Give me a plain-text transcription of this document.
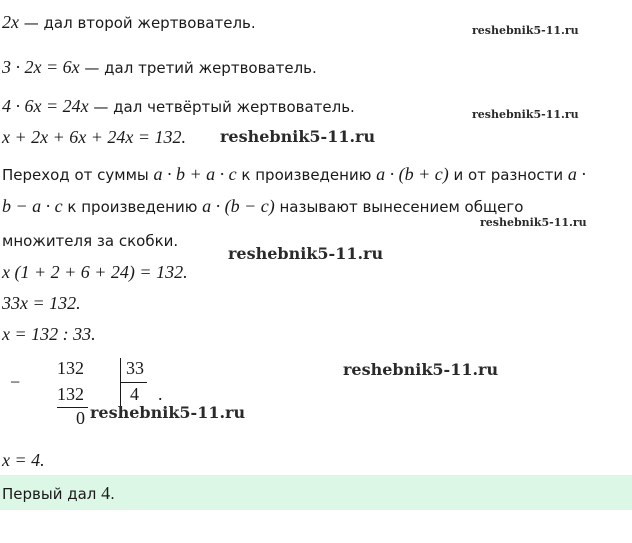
2x — дал второй жертвователь.	reshebnik5-11.ru
3 · 2x = 6x — дал третий жертвователь.
4 · 6x = 24x — дал четвёртый жертвователь.	reshebnik5-11.ru
x + 2x + 6x + 24x = 132. reshebnik5-11.ru
Переход от суммы a · b + a · c к произведению a · (b + c) и от разности a ·
b − a · c к произведению a · (b − c) называют вынесением общего
reshebnik5-11.ru
множителя за скобки.
x (1 + 2 + 6 + 24) = 132.
reshebnik5-11.ru
33x = 132.
x = 132 : 33.
−
132
132
0
33
4 .
reshebnik5-11.ru
reshebnik5-11.ru
x = 4.
Первый дал 4.
